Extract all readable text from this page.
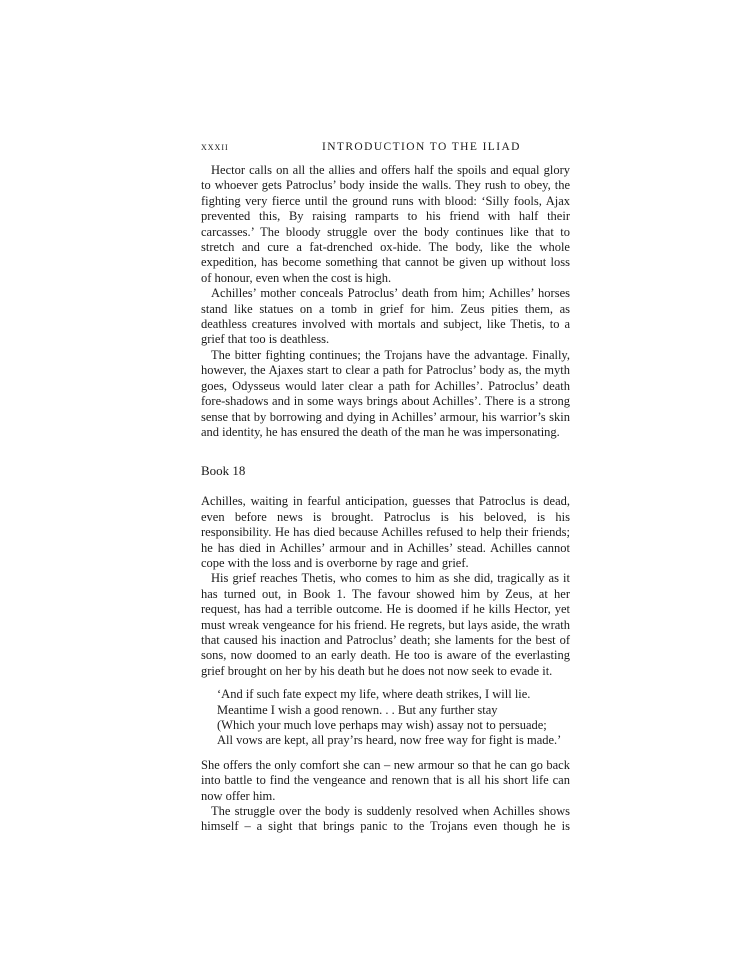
xxxii	INTRODUCTION TO THE ILIAD

Hector calls on all the allies and offers half the spoils and equal glory to whoever gets Patroclus’ body inside the walls. They rush to obey, the fighting very fierce until the ground runs with blood: ‘Silly fools, Ajax prevented this, By raising ramparts to his friend with half their carcasses.’ The bloody struggle over the body continues like that to stretch and cure a fat-drenched ox-hide. The body, like the whole expedition, has become something that cannot be given up without loss of honour, even when the cost is high.

Achilles’ mother conceals Patroclus’ death from him; Achilles’ horses stand like statues on a tomb in grief for him. Zeus pities them, as deathless creatures involved with mortals and subject, like Thetis, to a grief that too is deathless.

The bitter fighting continues; the Trojans have the advantage. Finally, however, the Ajaxes start to clear a path for Patroclus’ body as, the myth goes, Odysseus would later clear a path for Achilles’. Patroclus’ death fore-shadows and in some ways brings about Achilles’. There is a strong sense that by borrowing and dying in Achilles’ armour, his warrior’s skin and identity, he has ensured the death of the man he was impersonating.

Book 18

Achilles, waiting in fearful anticipation, guesses that Patroclus is dead, even before news is brought. Patroclus is his beloved, is his responsibility. He has died because Achilles refused to help their friends; he has died in Achilles’ armour and in Achilles’ stead. Achilles cannot cope with the loss and is overborne by rage and grief.

His grief reaches Thetis, who comes to him as she did, tragically as it has turned out, in Book 1. The favour showed him by Zeus, at her request, has had a terrible outcome. He is doomed if he kills Hector, yet must wreak vengeance for his friend. He regrets, but lays aside, the wrath that caused his inaction and Patroclus’ death; she laments for the best of sons, now doomed to an early death. He too is aware of the everlasting grief brought on her by his death but he does not now seek to evade it.

‘And if such fate expect my life, where death strikes, I will lie.
Meantime I wish a good renown. . . But any further stay
(Which your much love perhaps may wish) assay not to persuade;
All vows are kept, all pray’rs heard, now free way for fight is made.’

She offers the only comfort she can – new armour so that he can go back into battle to find the vengeance and renown that is all his short life can now offer him.

The struggle over the body is suddenly resolved when Achilles shows himself – a sight that brings panic to the Trojans even though he is
